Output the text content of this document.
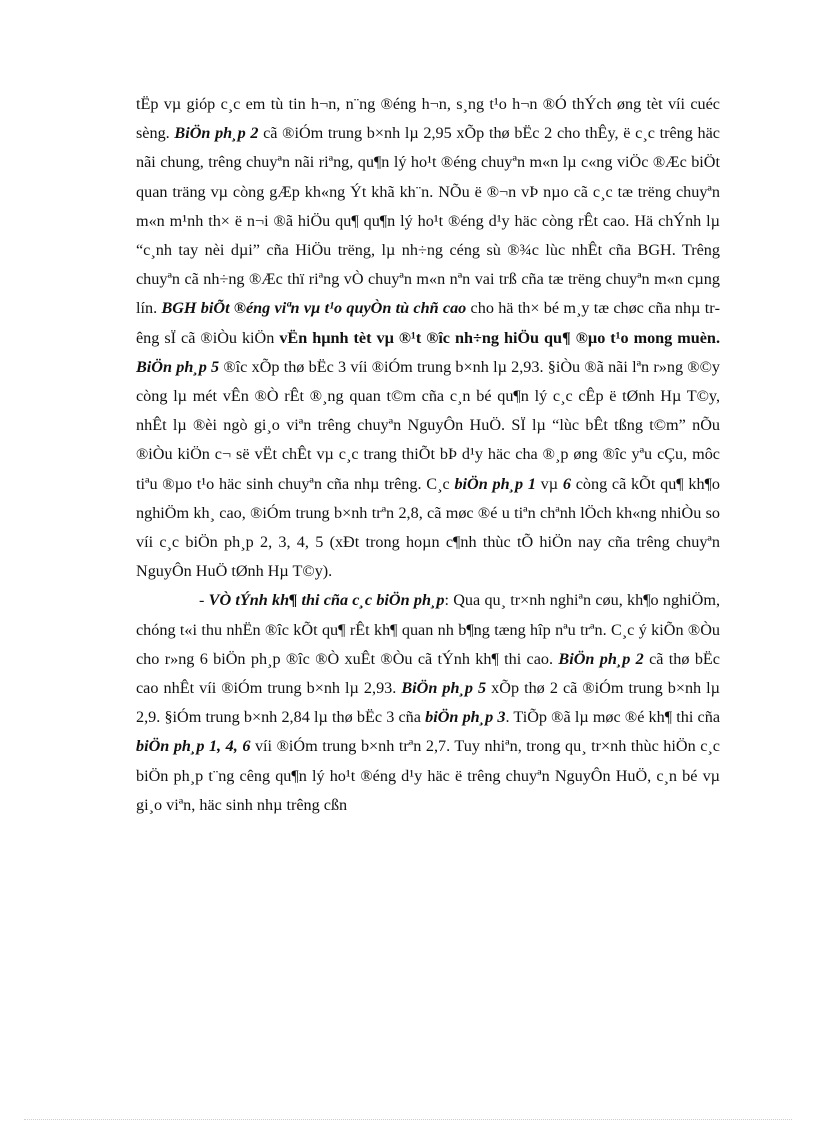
tËp vµ gióp c¸c em tù tin h¬n, n¨ng ®éng h¬n, s¸ng t¹o h¬n ®Ó thÝch øng tèt víi cuéc sèng. BiÖn ph¸p 2 cã ®iÓm trung b×nh lµ 2,95 xÕp thø bËc 2 cho thÊy, ë c¸c trêng häc nãi chung, trêng chuyªn nãi riªng, qu¶n lý ho¹t ®éng chuyªn m«n lµ c«ng viÖc ®Æc biÖt quan träng vµ còng gÆp kh«ng Ýt khã kh¨n. NÕu ë ®¬n vÞ nµo cã c¸c tæ trëng chuyªn m«n m¹nh th× ë n¬i ®ã hiÖu qu¶ qu¶n lý ho¹t ®éng d¹y häc còng rÊt cao. Hä chÝnh lµ “c¸nh tay nèi dµi” cña HiÖu trëng, lµ nh÷ng céng sù ®¾c lùc nhÊt cña BGH. Trêng chuyªn cã nh÷ng ®Æc thï riªng vÒ chuyªn m«n nªn vai trß cña tæ trëng chuyªn m«n cµng lín. BGH biÕt ®éng viªn vµ t¹o quyÒn tù chñ cao cho hä th× bé m¸y tæ chøc cña nhµ trêng sÏ cã ®iÒu kiÖn vËn hµnh tèt vµ ®¹t ®îc nh÷ng hiÖu qu¶ ®µo t¹o mong muèn. BiÖn ph¸p 5 ®îc xÕp thø bËc 3 víi ®iÓm trung b×nh lµ 2,93. §iÒu ®ã nãi lªn r»ng ®©y còng lµ mét vÊn ®Ò rÊt ®¸ng quan t©m cña c¸n bé qu¶n lý c¸c cÊp ë tØnh Hµ T©y, nhÊt lµ ®èi ngò gi¸o viªn trêng chuyªn NguyÔn HuÖ. SÏ lµ “lùc bÊt tßng t©m” nÕu ®iÒu kiÖn c¬ së vËt chÊt vµ c¸c trang thiÕt bÞ d¹y häc cha ®¸p øng ®îc yªu cÇu, môc tiªu ®µo t¹o häc sinh chuyªn cña nhµ trêng. C¸c biÖn ph¸p 1 vµ 6 còng cã kÕt qu¶ kh¶o nghiÖm kh¸ cao, ®iÓm trung b×nh trªn 2,8, cã møc ®é u tiªn chªnh lÖch kh«ng nhiÒu so víi c¸c biÖn ph¸p 2, 3, 4, 5 (xÐt trong hoµn c¶nh thùc tÕ hiÖn nay cña trêng chuyªn NguyÔn HuÖ tØnh Hµ T©y).

- VÒ tÝnh kh¶ thi cña c¸c biÖn ph¸p: Qua qu¸ tr×nh nghiªn cøu, kh¶o nghiÖm, chóng t«i thu nhËn ®îc kÕt qu¶ rÊt kh¶ quan nh b¶ng tæng hîp nªu trªn. C¸c ý kiÕn ®Òu cho r»ng 6 biÖn ph¸p ®îc ®Ò xuÊt ®Òu cã tÝnh kh¶ thi cao. BiÖn ph¸p 2 cã thø bËc cao nhÊt víi ®iÓm trung b×nh lµ 2,93. BiÖn ph¸p 5 xÕp thø 2 cã ®iÓm trung b×nh lµ 2,9. §iÓm trung b×nh 2,84 lµ thø bËc 3 cña biÖn ph¸p 3. TiÕp ®ã lµ møc ®é kh¶ thi cña biÖn ph¸p 1, 4, 6 víi ®iÓm trung b×nh trªn 2,7. Tuy nhiªn, trong qu¸ tr×nh thùc hiÖn c¸c biÖn ph¸p t¨ng cêng qu¶n lý ho¹t ®éng d¹y häc ë trêng chuyªn NguyÔn HuÖ, c¸n bé vµ gi¸o viªn, häc sinh nhµ trêng cßn
